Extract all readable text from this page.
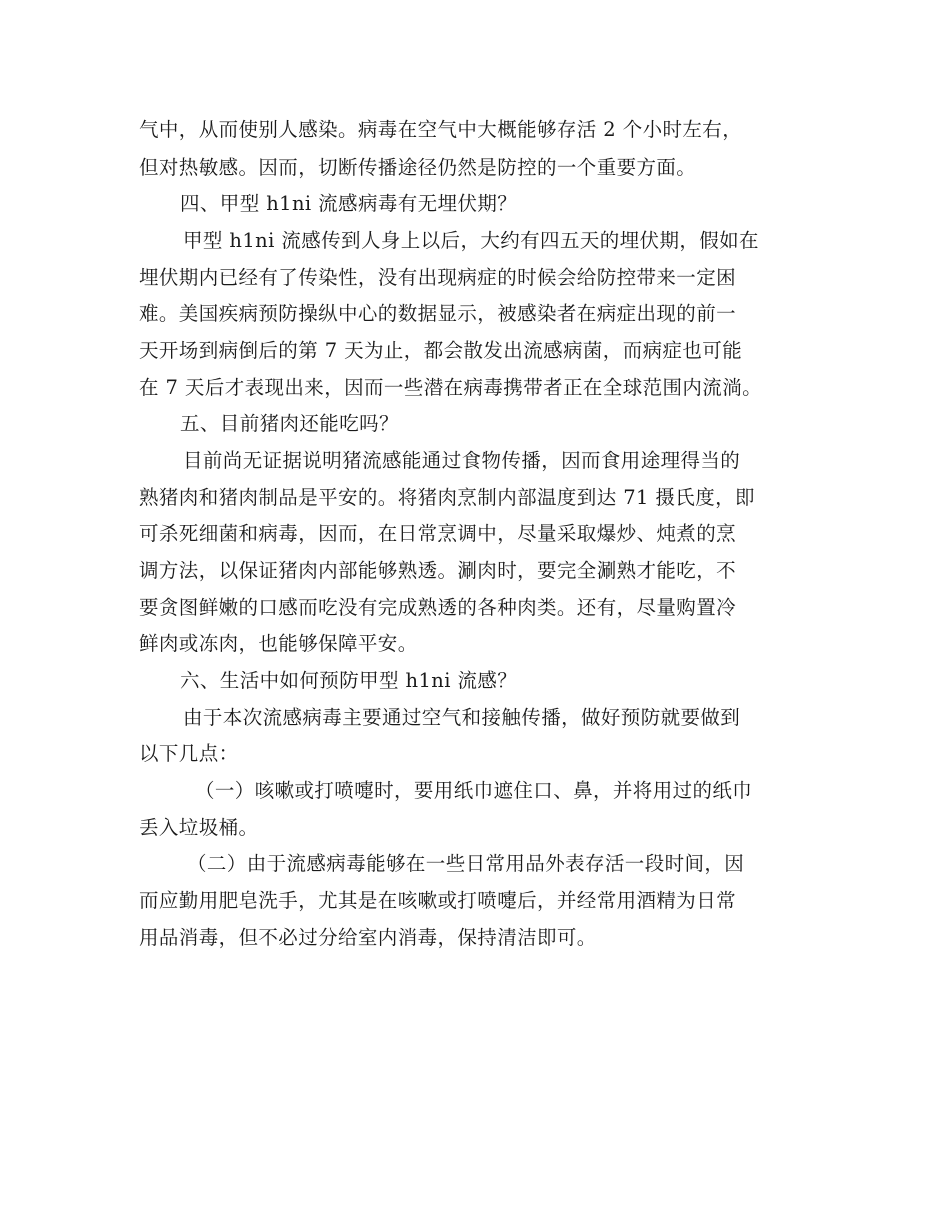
气中，从而使别人感染。病毒在空气中大概能够存活 2 个小时左右，
但对热敏感。因而，切断传播途径仍然是防控的一个重要方面。
四、甲型 h1ni 流感病毒有无埋伏期？
甲型 h1ni 流感传到人身上以后，大约有四五天的埋伏期，假如在
埋伏期内已经有了传染性，没有出现病症的时候会给防控带来一定困
难。美国疾病预防操纵中心的数据显示，被感染者在病症出现的前一
天开场到病倒后的第 7 天为止，都会散发出流感病菌，而病症也可能
在 7 天后才表现出来，因而一些潜在病毒携带者正在全球范围内流淌。
五、目前猪肉还能吃吗？
目前尚无证据说明猪流感能通过食物传播，因而食用途理得当的
熟猪肉和猪肉制品是平安的。将猪肉烹制内部温度到达 71 摄氏度，即
可杀死细菌和病毒，因而，在日常烹调中，尽量采取爆炒、炖煮的烹
调方法，以保证猪肉内部能够熟透。涮肉时，要完全涮熟才能吃，不
要贪图鲜嫩的口感而吃没有完成熟透的各种肉类。还有，尽量购置冷
鲜肉或冻肉，也能够保障平安。
六、生活中如何预防甲型 h1ni 流感？
由于本次流感病毒主要通过空气和接触传播，做好预防就要做到
以下几点：
（一）咳嗽或打喷嚏时，要用纸巾遮住口、鼻，并将用过的纸巾
丢入垃圾桶。
（二）由于流感病毒能够在一些日常用品外表存活一段时间，因
而应勤用肥皂洗手，尤其是在咳嗽或打喷嚏后，并经常用酒精为日常
用品消毒，但不必过分给室内消毒，保持清洁即可。
